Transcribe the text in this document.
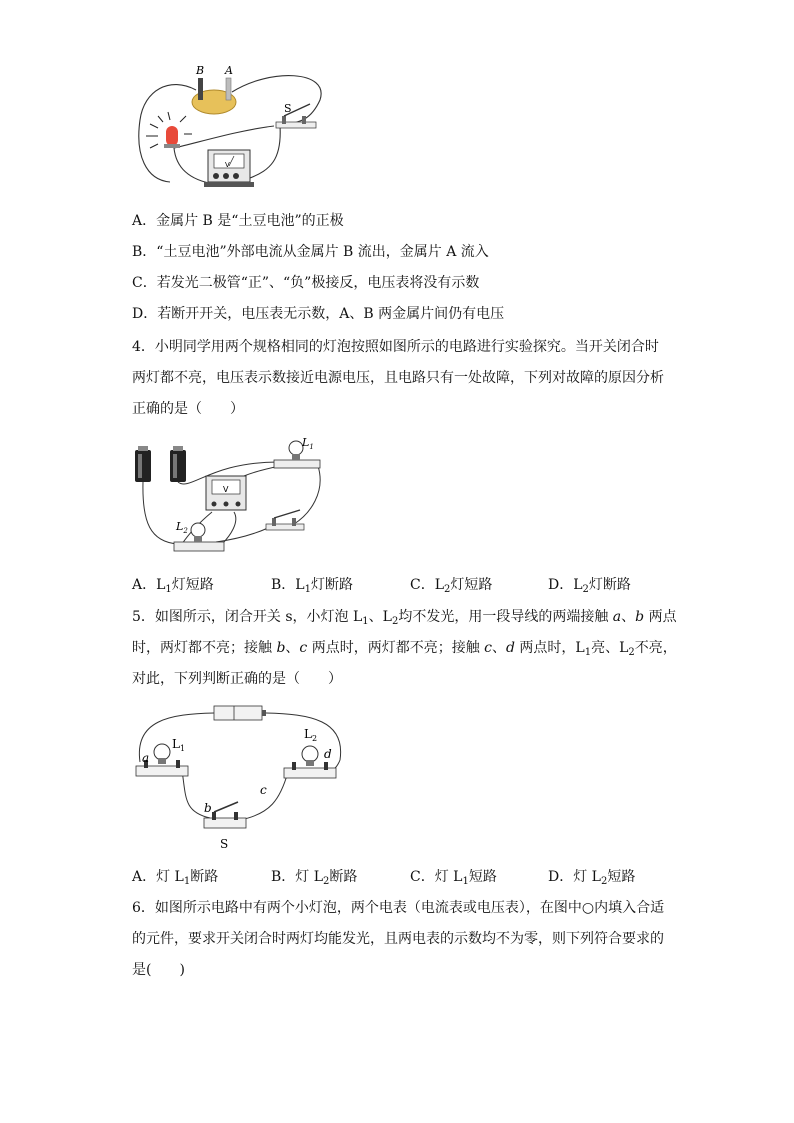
B A
V
S
A．金属片 B 是“土豆电池”的正极
B．“土豆电池”外部电流从金属片 B 流出，金属片 A 流入
C．若发光二极管“正”、“负”极接反，电压表将没有示数
D．若断开开关，电压表无示数，A、B 两金属片间仍有电压
4．小明同学用两个规格相同的灯泡按照如图所示的电路进行实验探究。当开关闭合时
两灯都不亮，电压表示数接近电源电压，且电路只有一处故障，下列对故障的原因分析
正确的是（　　）
$L_1$
V
$L_2$
A．$L_1$灯短路	B．$L_1$灯断路	C．$L_2$灯短路	D．$L_2$灯断路
5．如图所示，闭合开关 s，小灯泡 $L_1$、$L_2$均不发光，用一段导线的两端接触 a、b 两点
时，两灯都不亮；接触 b、c 两点时，两灯都不亮；接触 c、d 两点时，$L_1$亮、$L_2$不亮，
对此，下列判断正确的是（　　）
$L_1$
a
$L_2$
d
b
c
S
A．灯 $L_1$断路	B．灯 $L_2$断路	C．灯 $L_1$短路	D．灯 $L_2$短路
6．如图所示电路中有两个小灯泡，两个电表（电流表或电压表），在图中○内填入合适
的元件，要求开关闭合时两灯均能发光，且两电表的示数均不为零，则下列符合要求的
是(　　)
